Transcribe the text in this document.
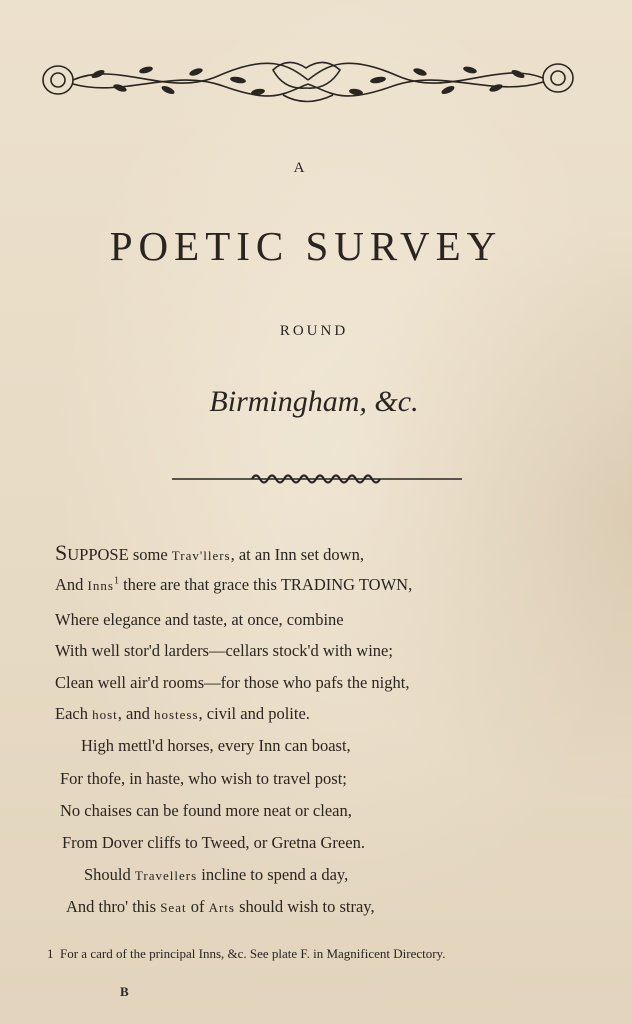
A
POETIC SURVEY
ROUND
Birmingham, &c.
SUPPOSE some Trav'llers, at an Inn set down,
And Inns$^1$ there are that grace this TRADING TOWN,
Where elegance and taste, at once, combine
With well stor'd larders—cellars stock'd with wine;
Clean well air'd rooms—for those who pafs the night,
Each host, and hostess, civil and polite.
High mettl'd horses, every Inn can boast,
For thofe, in haste, who wish to travel post;
No chaises can be found more neat or clean,
From Dover cliffs to Tweed, or Gretna Green.
Should Travellers incline to spend a day,
And thro' this Seat of Arts should wish to stray,
1 For a card of the principal Inns, &c. See plate F. in Magnificent Directory.
B
